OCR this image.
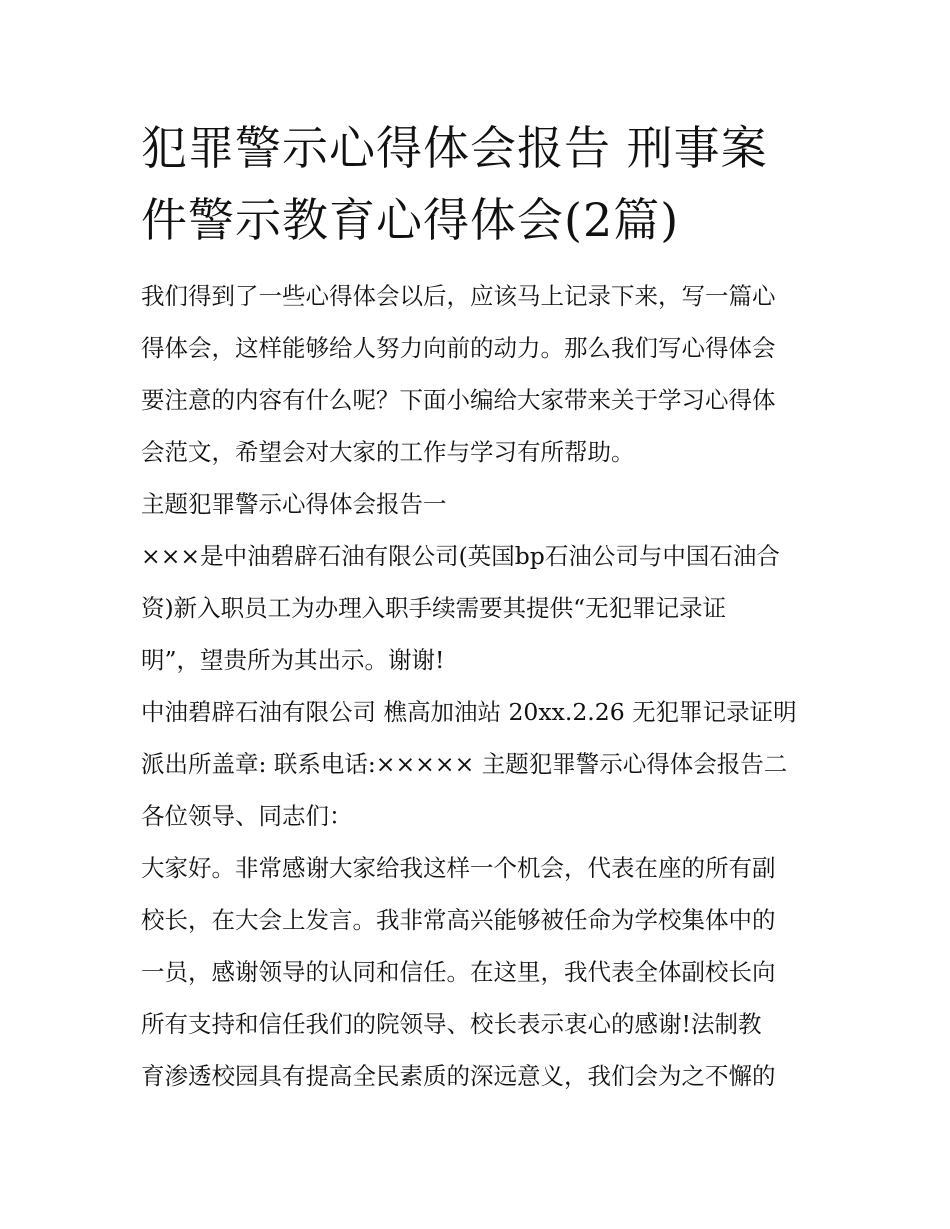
犯罪警示心得体会报告 刑事案
件警示教育心得体会(2篇)

我们得到了一些心得体会以后，应该马上记录下来，写一篇心
得体会，这样能够给人努力向前的动力。那么我们写心得体会
要注意的内容有什么呢？下面小编给大家带来关于学习心得体
会范文，希望会对大家的工作与学习有所帮助。

主题犯罪警示心得体会报告一

×××是中油碧辟石油有限公司(英国bp石油公司与中国石油合
资)新入职员工为办理入职手续需要其提供“无犯罪记录证
明”，望贵所为其出示。谢谢!

中油碧辟石油有限公司 樵高加油站 20xx.2.26 无犯罪记录证明
派出所盖章: 联系电话:××××× 主题犯罪警示心得体会报告二

各位领导、同志们：

大家好。非常感谢大家给我这样一个机会，代表在座的所有副
校长，在大会上发言。我非常高兴能够被任命为学校集体中的
一员，感谢领导的认同和信任。在这里，我代表全体副校长向
所有支持和信任我们的院领导、校长表示衷心的感谢!法制教
育渗透校园具有提高全民素质的深远意义，我们会为之不懈的
